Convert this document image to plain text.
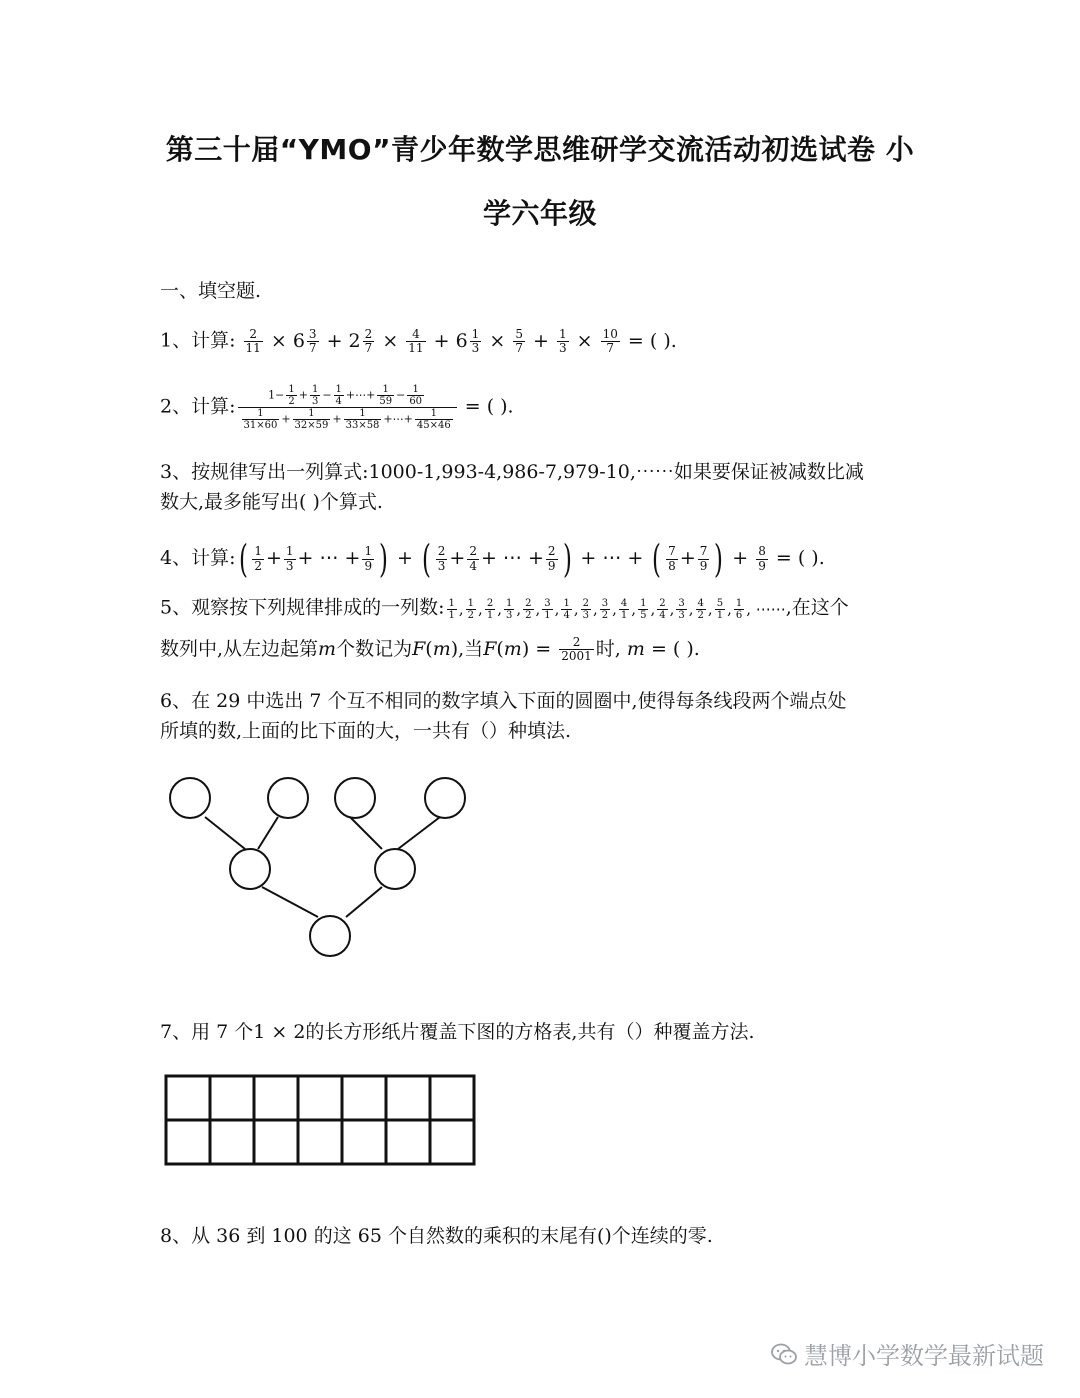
第三十届“YMO”青少年数学思维研学交流活动初选试卷 小
学六年级
一、填空题.
1、计算: $\frac{2}{11} \times 6 \frac{3}{7} + 2 \frac{2}{7} \times \frac{4}{11} + 6 \frac{1}{3} \times \frac{5}{7} + \frac{1}{3} \times \frac{10}{7}$ = ( ).
2、计算: $\frac{1- \frac{1}{2} + \frac{1}{3} - \frac{1}{4} +\cdots+ \frac{1}{59} - \frac{1}{60}}{\frac{1}{31\times 60} + \frac{1}{32\times 59} + \frac{1}{33\times 58} +\cdots+ \frac{1}{45\times 46}}$ = ( ).
3、按规律写出一列算式:1000-1,993-4,986-7,979-10,⋯⋯如果要保证被减数比减
数大,最多能写出( )个算式.
4、计算:( $\frac{1}{2} + \frac{1}{3}$ + ⋯ + $\frac{1}{9}$ ) + ( $\frac{2}{3} + \frac{2}{4}$ + ⋯ + $\frac{2}{9}$ ) + ⋯ + ( $\frac{7}{8} + \frac{7}{9}$ ) + $\frac{8}{9}$ = ( ).
5、观察按下列规律排成的一列数: $\frac{1}{1}$ , $\frac{1}{2}$ , $\frac{2}{1}$ , $\frac{1}{3}$ , $\frac{2}{2}$ , $\frac{3}{1}$ , $\frac{1}{4}$ , $\frac{2}{3}$ , $\frac{3}{2}$ , $\frac{4}{1}$ , $\frac{1}{5}$ , $\frac{2}{4}$ , $\frac{3}{3}$ , $\frac{4}{2}$ , $\frac{5}{1}$ , $\frac{1}{6}$ , ⋯⋯,在这个
数列中,从左边起第m个数记为F(m),当$F(m) = \frac{2}{2001}$ 时, m = ( ).
6、在 29 中选出 7 个互不相同的数字填入下面的圆圈中,使得每条线段两个端点处
所填的数,上面的比下面的大，一共有（）种填法.
7、用 7 个1 × 2的长方形纸片覆盖下图的方格表,共有（）种覆盖方法.
8、从 36 到 100 的这 65 个自然数的乘积的末尾有()个连续的零.
慧博小学数学最新试题
